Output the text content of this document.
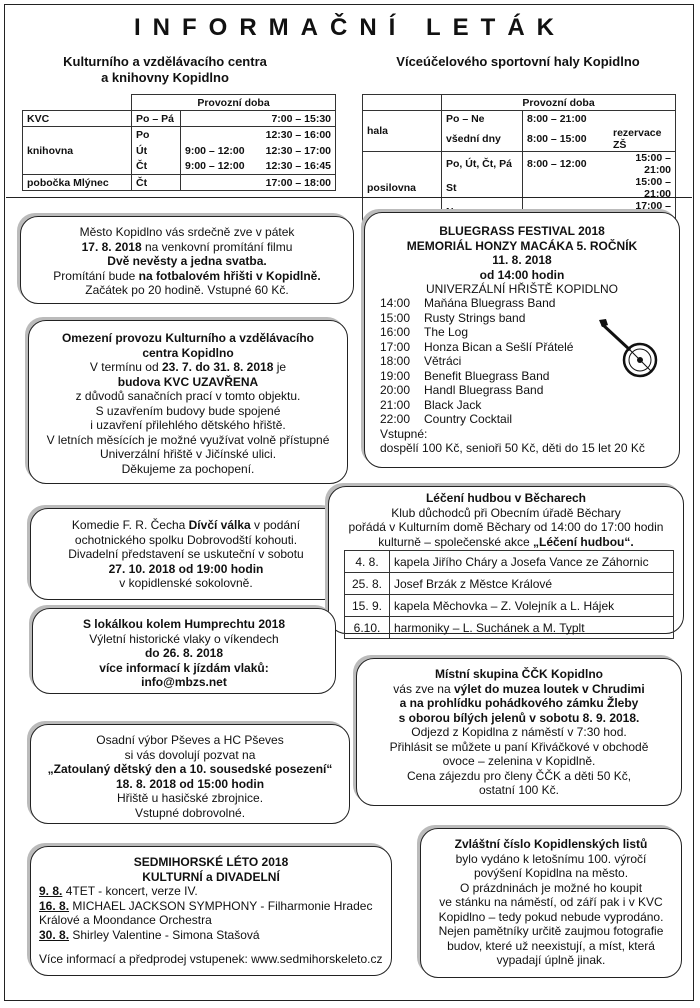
INFORMAČNÍ LETÁK
Kulturního a vzdělávacího centra
a knihovny Kopidlno
Víceúčelového sportovní haly Kopidlno
	Provozní doba		
KVC	Po – Pá		7:00 – 15:30
knihovna	Po		12:30 – 16:00
	Út	9:00 – 12:00	12:30 – 17:00
	Čt	9:00 – 12:00	12:30 – 16:45
pobočka Mlýnec	Čt		17:00 – 18:00
	Provozní doba		
hala	Po – Ne	8:00 – 21:00	
	všední dny	8:00 – 15:00	rezervace ZŠ
posilovna	Po, Út, Čt, Pá	8:00 – 12:00	15:00 – 21:00
	St		15:00 – 21:00
		17:00 –
Město Kopidlno vás srdečně zve v pátek
17. 8. 2018 na venkovní promítání filmu
Dvě nevěsty a jedna svatba.
Promítání bude na fotbalovém hřišti v Kopidlně.
Začátek po 20 hodině. Vstupné 60 Kč.
Omezení provozu Kulturního a vzdělávacího
centra Kopidlno
V termínu od 23. 7. do 31. 8. 2018 je
budova KVC UZAVŘENA
z důvodů sanačních prací v tomto objektu.
S uzavřením budovy bude spojené
i uzavření přilehlého dětského hřiště.
V letních měsících je možné využívat volně přístupné
Univerzální hřiště v Jičínské ulici.
Děkujeme za pochopení.
BLUEGRASS FESTIVAL 2018
MEMORIÁL HONZY MACÁKA 5. ROČNÍK
11. 8. 2018
od 14:00 hodin
UNIVERZÁLNÍ HŘIŠTĚ KOPIDLNO
14:00	Maňána Bluegrass Band
15:00	Rusty Strings band
16:00	The Log
17:00	Honza Bican a Sešlí Přátelé
18:00	Větráci
19:00	Benefit Bluegrass Band
20:00	Handl Bluegrass Band
21:00	Black Jack
22:00	Country Cocktail
Vstupné:
dospělí 100 Kč, senioři 50 Kč, děti do 15 let 20 Kč
Komedie F. R. Čecha Dívčí válka v podání
ochotnického spolku Dobrovodští kohouti.
Divadelní představení se uskuteční v sobotu
27. 10. 2018 od 19:00 hodin
v kopidlenské sokolovně.
Léčení hudbou v Běcharech
Klub důchodců při Obecním úřadě Běchary
pořádá v Kulturním domě Běchary od 14:00 do 17:00 hodin
kulturně – společenské akce „Léčení hudbou“.
4. 8.	kapela Jiřího Cháry a Josefa Vance ze Záhornic
25. 8.	Josef Brzák z Městce Králové
15. 9.	kapela Měchovka – Z. Volejník a L. Hájek
6.10.	harmoniky – L. Suchánek a M. Typlt
S lokálkou kolem Humprechtu 2018
Výletní historické vlaky o víkendech
do 26. 8. 2018
více informací k jízdám vlaků:
info@mbzs.net
Místní skupina ČČK Kopidlno
vás zve na výlet do muzea loutek v Chrudimi
a na prohlídku pohádkového zámku Žleby
s oborou bílých jelenů v sobotu 8. 9. 2018.
Odjezd z Kopidlna z náměstí v 7:30 hod.
Přihlásit se můžete u paní Křiváčkové v obchodě
ovoce – zelenina v Kopidlně.
Cena zájezdu pro členy ČČK a děti 50 Kč,
ostatní 100 Kč.
Osadní výbor Pševes a HC Pševes
si vás dovolují pozvat na
„Zatoulaný dětský den a 10. sousedské posezení“
18. 8. 2018 od 15:00 hodin
Hřiště u hasičské zbrojnice.
Vstupné dobrovolné.
SEDMIHORSKÉ LÉTO 2018
KULTURNÍ a DIVADELNÍ
9. 8. 4TET - koncert, verze IV.
16. 8. MICHAEL JACKSON SYMPHONY - Filharmonie Hradec Králové a Moondance Orchestra
30. 8. Shirley Valentine - Simona Stašová
Více informací a předprodej vstupenek: www.sedmihorskeleto.cz
Zvláštní číslo Kopidlenských listů
bylo vydáno k letošnímu 100. výročí
povýšení Kopidlna na město.
O prázdninách je možné ho koupit
ve stánku na náměstí, od září pak i v KVC
Kopidlno – tedy pokud nebude vyprodáno.
Nejen pamětníky určitě zaujmou fotografie
budov, které už neexistují, a míst, která
vypadají úplně jinak.
